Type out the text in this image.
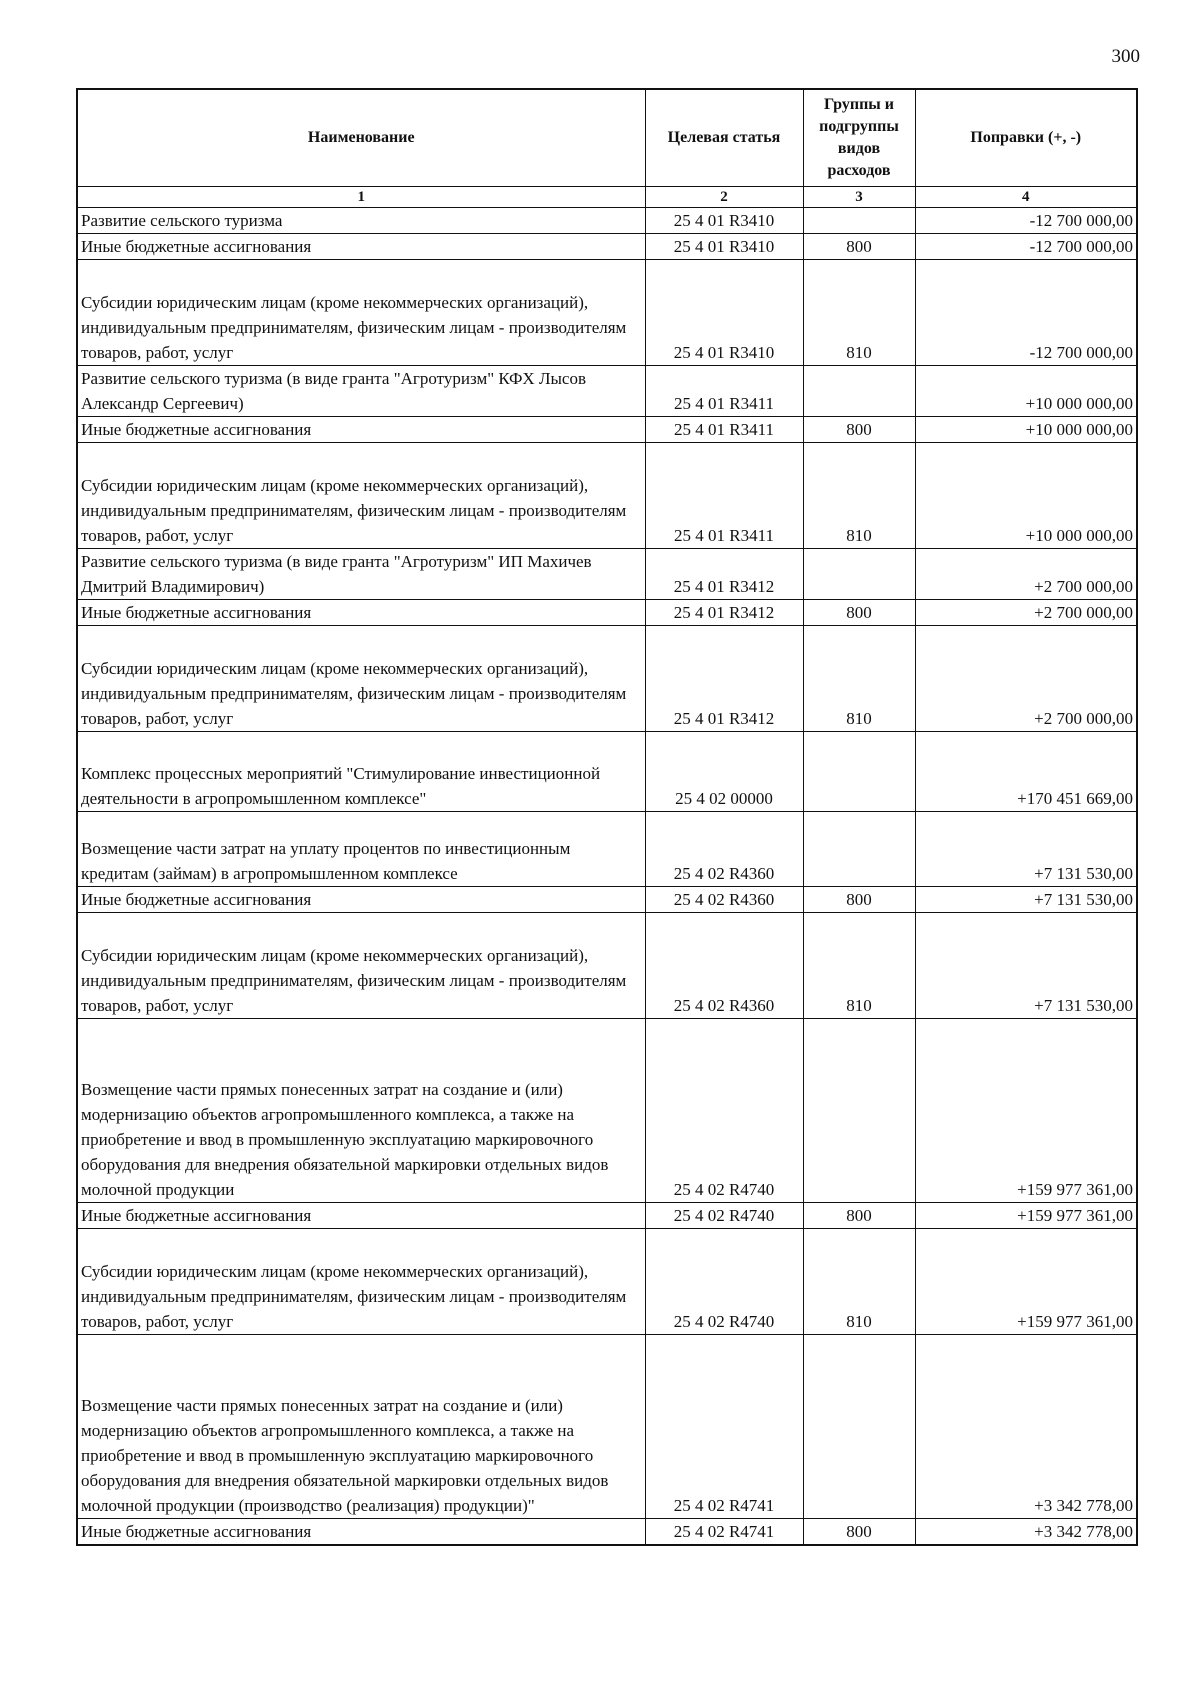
300
Наименование	Целевая статья	Группы и подгруппы видов расходов	Поправки (+, -)
1	2	3	4
Развитие сельского туризма	25 4 01 R3410		-12 700 000,00
Иные бюджетные ассигнования	25 4 01 R3410	800	-12 700 000,00
Субсидии юридическим лицам (кроме некоммерческих организаций), индивидуальным предпринимателям, физическим лицам - производителям товаров, работ, услуг	25 4 01 R3410	810	-12 700 000,00
Развитие сельского туризма (в виде гранта "Агротуризм" КФХ Лысов Александр Сергеевич)	25 4 01 R3411		+10 000 000,00
Иные бюджетные ассигнования	25 4 01 R3411	800	+10 000 000,00
Субсидии юридическим лицам (кроме некоммерческих организаций), индивидуальным предпринимателям, физическим лицам - производителям товаров, работ, услуг	25 4 01 R3411	810	+10 000 000,00
Развитие сельского туризма (в виде гранта "Агротуризм" ИП Махичев Дмитрий Владимирович)	25 4 01 R3412		+2 700 000,00
Иные бюджетные ассигнования	25 4 01 R3412	800	+2 700 000,00
Субсидии юридическим лицам (кроме некоммерческих организаций), индивидуальным предпринимателям, физическим лицам - производителям товаров, работ, услуг	25 4 01 R3412	810	+2 700 000,00
Комплекс процессных мероприятий "Стимулирование инвестиционной деятельности в агропромышленном комплексе"	25 4 02 00000		+170 451 669,00
Возмещение части затрат на уплату процентов по инвестиционным кредитам (займам) в агропромышленном комплексе	25 4 02 R4360		+7 131 530,00
Иные бюджетные ассигнования	25 4 02 R4360	800	+7 131 530,00
Субсидии юридическим лицам (кроме некоммерческих организаций), индивидуальным предпринимателям, физическим лицам - производителям товаров, работ, услуг	25 4 02 R4360	810	+7 131 530,00
Возмещение части прямых понесенных затрат на создание и (или) модернизацию объектов агропромышленного комплекса, а также на приобретение и ввод в промышленную эксплуатацию маркировочного оборудования для внедрения обязательной маркировки отдельных видов молочной продукции	25 4 02 R4740		+159 977 361,00
Иные бюджетные ассигнования	25 4 02 R4740	800	+159 977 361,00
Субсидии юридическим лицам (кроме некоммерческих организаций), индивидуальным предпринимателям, физическим лицам - производителям товаров, работ, услуг	25 4 02 R4740	810	+159 977 361,00
Возмещение части прямых понесенных затрат на создание и (или) модернизацию объектов агропромышленного комплекса, а также на приобретение и ввод в промышленную эксплуатацию маркировочного оборудования для внедрения обязательной маркировки отдельных видов молочной продукции (производство (реализация) продукции)"	25 4 02 R4741		+3 342 778,00
Иные бюджетные ассигнования	25 4 02 R4741	800	+3 342 778,00
